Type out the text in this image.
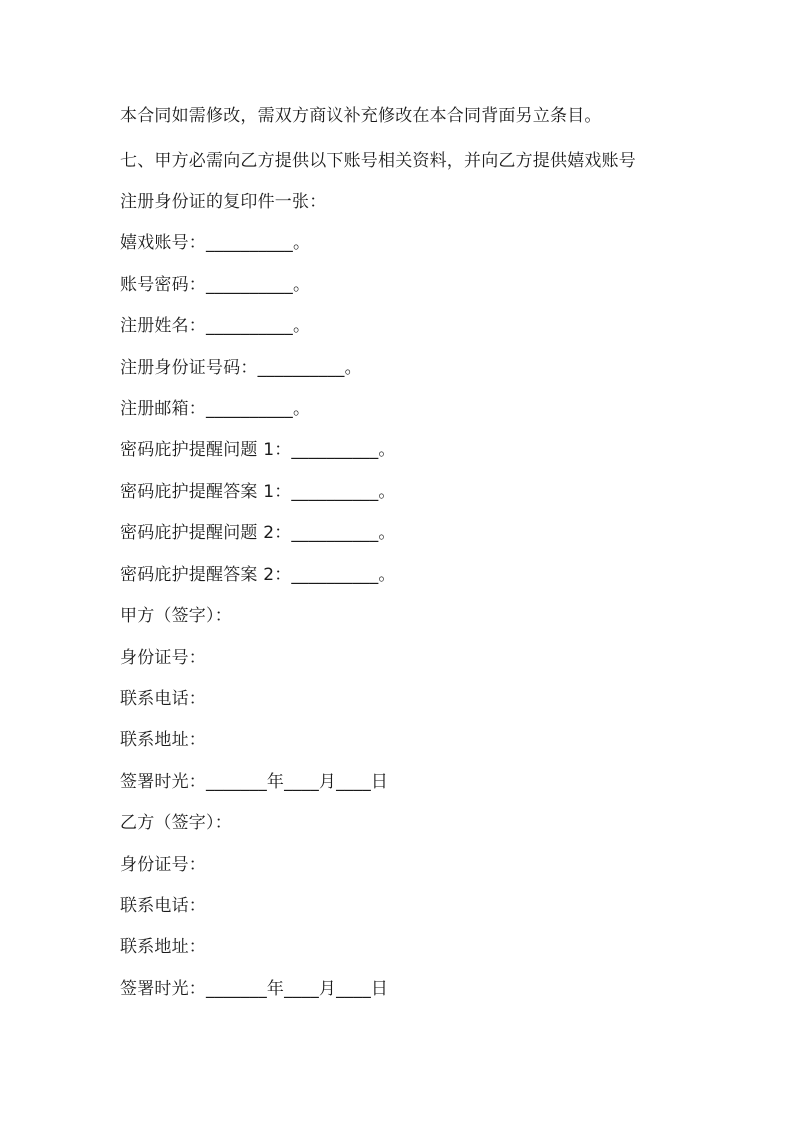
本合同如需修改，需双方商议补充修改在本合同背面另立条目。
七、甲方必需向乙方提供以下账号相关资料，并向乙方提供嬉戏账号
注册身份证的复印件一张：
嬉戏账号：__________。
账号密码：__________。
注册姓名：__________。
注册身份证号码：__________。
注册邮箱：__________。
密码庇护提醒问题 1：__________。
密码庇护提醒答案 1：__________。
密码庇护提醒问题 2：__________。
密码庇护提醒答案 2：__________。
甲方（签字）：
身份证号：
联系电话：
联系地址：
签署时光：_______年____月____日
乙方（签字）：
身份证号：
联系电话：
联系地址：
签署时光：_______年____月____日
